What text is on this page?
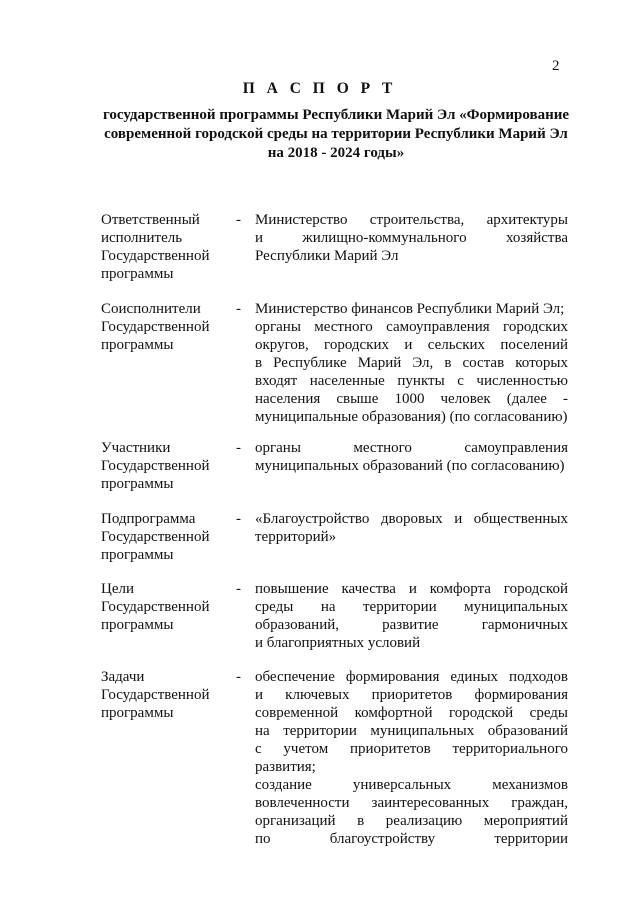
2
П А С П О Р Т
государственной программы Республики Марий Эл «Формирование
современной городской среды на территории Республики Марий Эл
на 2018 - 2024 годы»
Ответственный
исполнитель
Государственной
программы
- Министерство строительства, архитектуры
и жилищно-коммунального хозяйства
Республики Марий Эл
Соисполнители
Государственной
программы
- Министерство финансов Республики Марий Эл;
органы местного самоуправления городских
округов, городских и сельских поселений
в Республике Марий Эл, в состав которых
входят населенные пункты с численностью
населения свыше 1000 человек (далее -
муниципальные образования) (по согласованию)
Участники
Государственной
программы
- органы местного самоуправления
муниципальных образований (по согласованию)
Подпрограмма
Государственной
программы
- «Благоустройство дворовых и общественных
территорий»
Цели
Государственной
программы
- повышение качества и комфорта городской
среды на территории муниципальных
образований, развитие гармоничных
и благоприятных условий
Задачи
Государственной
программы
- обеспечение формирования единых подходов
и ключевых приоритетов формирования
современной комфортной городской среды
на территории муниципальных образований
с учетом приоритетов территориального
развития;
создание универсальных механизмов
вовлеченности заинтересованных граждан,
организаций в реализацию мероприятий
по благоустройству территории
